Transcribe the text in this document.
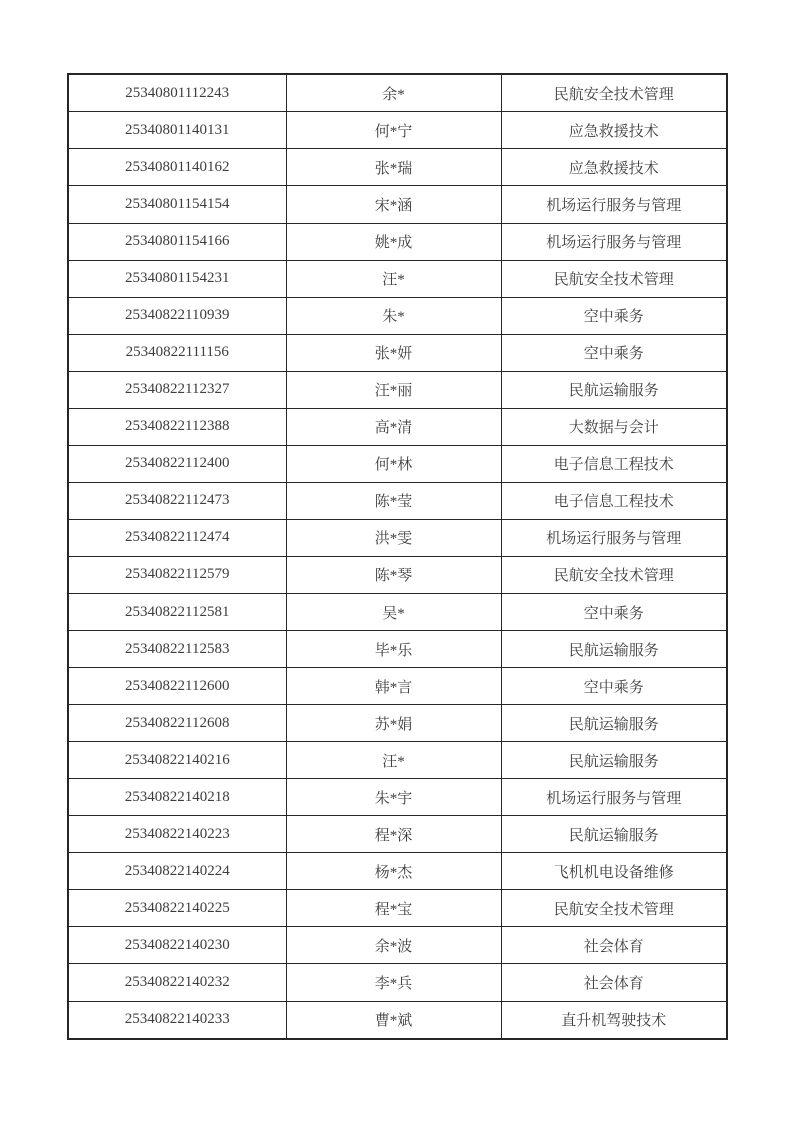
25340801112243	余*	民航安全技术管理
25340801140131	何*宁	应急救援技术
25340801140162	张*瑞	应急救援技术
25340801154154	宋*涵	机场运行服务与管理
25340801154166	姚*成	机场运行服务与管理
25340801154231	汪*	民航安全技术管理
25340822110939	朱*	空中乘务
25340822111156	张*妍	空中乘务
25340822112327	汪*丽	民航运输服务
25340822112388	高*清	大数据与会计
25340822112400	何*林	电子信息工程技术
25340822112473	陈*莹	电子信息工程技术
25340822112474	洪*雯	机场运行服务与管理
25340822112579	陈*琴	民航安全技术管理
25340822112581	吴*	空中乘务
25340822112583	毕*乐	民航运输服务
25340822112600	韩*言	空中乘务
25340822112608	苏*娟	民航运输服务
25340822140216	汪*	民航运输服务
25340822140218	朱*宇	机场运行服务与管理
25340822140223	程*深	民航运输服务
25340822140224	杨*杰	飞机机电设备维修
25340822140225	程*宝	民航安全技术管理
25340822140230	余*波	社会体育
25340822140232	李*兵	社会体育
25340822140233	曹*斌	直升机驾驶技术
